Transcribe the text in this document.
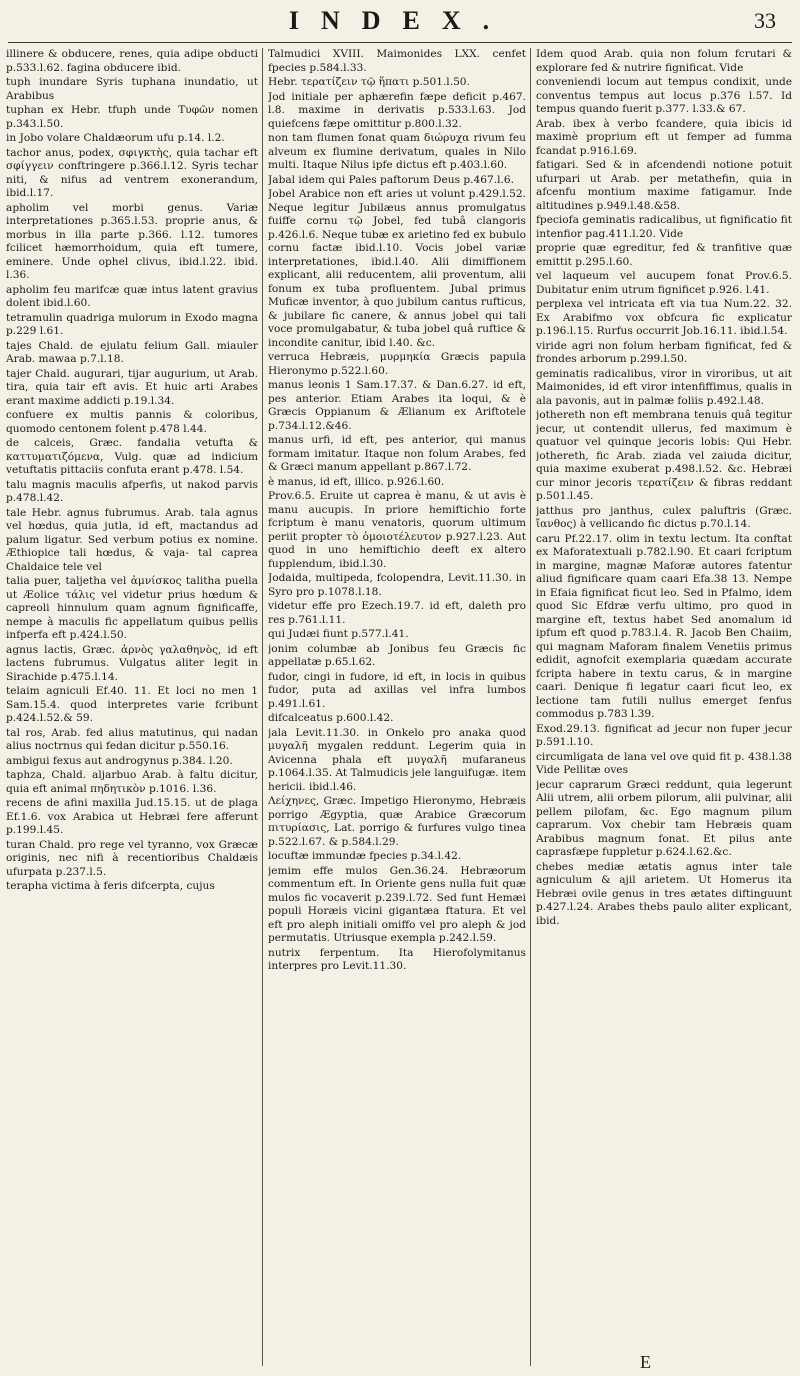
INDEX.	33
illinere & obducere, renes, quia adipe obducti p.533.l.62. fagina obducere ibid.
tuph inundare Syris tuphana inundatio, ut Arabibus
tuphan ex Hebr. tfuph unde Τυφῶν nomen p.343.l.50.
in Jobo volare Chaldæorum ufu p.14. l.2.
tachor anus, podex, σφιγκτὴς, quia tachar eft σφίγγειν conftringere p.366.l.12. Syris techar niti, & nifus ad ventrem exonerandum, ibid.l.17.
apholim vel morbi genus. Variæ interpretationes p.365.l.53. proprie anus, & morbus in illa parte p.366. l.12. tumores fcilicet hæmorrhoidum, quia eft tumere, eminere. Unde ophel clivus, ibid.l.22. ibid. l.36.
apholim feu marifcæ quæ intus latent gravius dolent ibid.l.60.
tetramulin quadriga mulorum in Exodo magna p.229 l.61.
tajes Chald. de ejulatu felium Gall. miauler Arab. mawaa p.7.l.18.
tajer Chald. augurari, tijar augurium, ut Arab. tira, quia tair eft avis. Et huic arti Arabes erant maxime addicti p.19.l.34.
confuere ex multis pannis & coloribus, quomodo centonem folent p.478 l.44.
de calceis, Græc. fandalia vetufta & καττυματιζόμενα, Vulg. quæ ad indicium vetuftatis pittaciis confuta erant p.478. l.54.
talu magnis maculis afperfis, ut nakod parvis p.478.l.42.
tale Hebr. agnus fubrumus. Arab. tala agnus vel hœdus, quia jutla, id eft, mactandus ad palum ligatur. Sed verbum potius ex nomine. Æthiopice tali hœdus, & vaja- tal caprea Chaldaice tele vel
talia puer, taljetha vel ἀμνίσκος talitha puella ut Æolice τάλις vel videtur prius hœdum & capreoli hinnulum quam agnum fignificaffe, nempe à maculis fic appellatum quibus pellis infperfa eft p.424.l.50.
agnus lactis, Græc. ἀρνὸς γαλαθηνὸς, id eft lactens fubrumus. Vulgatus aliter legit in Sirachide p.475.l.14.
telaim agniculi Ef.40. 11. Et loci no men 1 Sam.15.4. quod interpretes varie fcribunt p.424.l.52.& 59.
tal ros, Arab. fed alius matutinus, qui nadan alius noctrnus qui fedan dicitur p.550.16.
ambigui fexus aut androgynus p.384. l.20.
taphza, Chald. aljarbuo Arab. à faltu dicitur, quia eft animal πηδητικὸν p.1016. l.36.
recens de afini maxilla Jud.15.15. ut de plaga Ef.1.6. vox Arabica ut Hebræi fere afferunt p.199.l.45.
turan Chald. pro rege vel tyranno, vox Græcæ originis, nec nifi à recentioribus Chaldæis ufurpata p.237.l.5.
terapha victima à feris difcerpta, cujus
Talmudici XVIII. Maimonides LXX. cenfet fpecies p.584.l.33.
Hebr. τερατίζειν τῷ ἥπατι p.501.l.50.
Jod initiale per aphærefin fæpe deficit p.467. l.8. maxime in derivatis p.533.l.63. Jod quiefcens fæpe omittitur p.800.l.32.
non tam flumen fonat quam διώρυχα rivum feu alveum ex flumine derivatum, quales in Nilo multi. Itaque Nilus ipfe dictus eft p.403.l.60.
Jabal idem qui Pales paftorum Deus p.467.l.6.
Jobel Arabice non eft aries ut volunt p.429.l.52. Neque legitur Jubilæus annus promulgatus fuiffe cornu τῷ Jobel, fed tubâ clangoris p.426.l.6. Neque tubæ ex arietino fed ex bubulo cornu factæ ibid.l.10. Vocis jobel variæ interpretationes, ibid.l.40. Alii dimiffionem explicant, alii reducentem, alii proventum, alii fonum ex tuba profluentem. Jubal primus Muficæ inventor, à quo jubilum cantus rufticus, & jubilare fic canere, & annus jobel qui tali voce promulgabatur, & tuba jobel quâ ruftice & incondite canitur, ibid l.40. &c.
verruca Hebræis, μυρμηκία Græcis papula Hieronymo p.522.l.60.
manus leonis 1 Sam.17.37. & Dan.6.27. id eft, pes anterior. Etiam Arabes ita loqui, & è Græcis Oppianum & Ælianum ex Ariftotele p.734.l.12.&46.
manus urfi, id eft, pes anterior, qui manus formam imitatur. Itaque non folum Arabes, fed & Græci manum appellant p.867.l.72.
è manus, id eft, illico. p.926.l.60.
Prov.6.5. Eruite ut caprea è manu, & ut avis è manu aucupis. In priore hemiftichio forte fcriptum è manu venatoris, quorum ultimum periit propter τὸ ὁμοιοτέλευτον p.927.l.23. Aut quod in uno hemiftichio deeft ex altero fupplendum, ibid.l.30.
Jodaida, multipeda, fcolopendra, Levit.11.30. in Syro pro p.1078.l.18.
videtur effe pro Ezech.19.7. id eft, daleth pro res p.761.l.11.
qui Judæi fiunt p.577.l.41.
jonim columbæ ab Jonibus feu Græcis fic appellatæ p.65.l.62.
fudor, cingi in fudore, id eft, in locis in quibus fudor, puta ad axillas vel infra lumbos p.491.l.61.
difcalceatus p.600.l.42.
jala Levit.11.30. in Onkelo pro anaka quod μυγαλῆ mygalen reddunt. Legerim quia in Avicenna phala eft μυγαλῆ mufaraneus p.1064.l.35. At Talmudicis jele languifugæ. item hericii. ibid.l.46.
Λείχηνες, Græc. Impetigo Hieronymo, Hebræis porrigo Ægyptia, quæ Arabice Græcorum πιτυρίασις, Lat. porrigo & furfures vulgo tinea p.522.l.67. & p.584.l.29.
locuftæ immundæ fpecies p.34.l.42.
jemim effe mulos Gen.36.24. Hebræorum commentum eft. In Oriente gens nulla fuit quæ mulos fic vocaverit p.239.l.72. Sed funt Hemæi populi Horæis vicini gigantæa ftatura. Et vel eft pro aleph initiali omiffo vel pro aleph & jod permutatis. Utriusque exempla p.242.l.59.
nutrix ferpentum. Ita Hierofolymitanus interpres pro Levit.11.30.
Idem quod Arab. quia non folum fcrutari & explorare fed & nutrire fignificat. Vide
conveniendi locum aut tempus condixit, unde conventus tempus aut locus p.376 l.57. Id tempus quando fuerit p.377. l.33.& 67.
Arab. ibex à verbo fcandere, quia ibicis id maximè proprium eft ut femper ad fumma fcandat p.916.l.69.
fatigari. Sed & in afcendendi notione potuit ufurpari ut Arab. per metathefin, quia in afcenfu montium maxime fatigamur. Inde altitudines p.949.l.48.&58.
fpeciofa geminatis radicalibus, ut fignificatio fit intenfior pag.411.l.20. Vide
proprie quæ egreditur, fed & tranfitive quæ emittit p.295.l.60.
vel laqueum vel aucupem fonat Prov.6.5. Dubitatur enim utrum fignificet p.926. l.41.
perplexa vel intricata eft via tua Num.22. 32. Ex Arabifmo vox obfcura fic explicatur p.196.l.15. Rurfus occurrit Job.16.11. ibid.l.54.
viride agri non folum herbam fignificat, fed & frondes arborum p.299.l.50.
geminatis radicalibus, viror in viroribus, ut ait Maimonides, id eft viror intenfiffimus, qualis in ala pavonis, aut in palmæ foliis p.492.l.48.
jothereth non eft membrana tenuis quâ tegitur jecur, ut contendit ullerus, fed maximum è quatuor vel quinque jecoris lobis: Qui Hebr. jothereth, fic Arab. ziada vel zaiuda dicitur, quia maxime exuberat p.498.l.52. &c. Hebræi cur minor jecoris τερατίζειν & fibras reddant p.501.l.45.
jatthus pro janthus, culex paluftris (Græc. ἴανθος) à vellicando fic dictus p.70.l.14.
caru Pf.22.17. olim in textu lectum. Ita conftat ex Maforatextuali p.782.l.90. Et caari fcriptum in margine, magnæ Maforæ autores fatentur aliud fignificare quam caari Efa.38 13. Nempe in Efaia fignificat ficut leo. Sed in Pfalmo, idem quod Sic Efdræ verfu ultimo, pro quod in margine eft, textus habet Sed anomalum id ipfum eft quod p.783.l.4. R. Jacob Ben Chaiim, qui magnam Maforam finalem Venetiis primus edidit, agnofcit exemplaria quædam accurate fcripta habere in textu carus, & in margine caari. Denique fi legatur caari ficut leo, ex lectione tam futili nullus emerget fenfus commodus p.783 l.39.
Exod.29.13. fignificat ad jecur non fuper jecur p.591.l.10.
circumligata de lana vel ove quid fit p. 438.l.38 Vide Pellitæ oves
jecur caprarum Græci reddunt, quia legerunt Alii utrem, alii orbem pilorum, alii pulvinar, alii pellem pilofam, &c. Ego magnum pilum caprarum. Vox chebir tam Hebræis quam Arabibus magnum fonat. Et pilus ante caprasfæpe fuppletur p.624.l.62.&c.
chebes mediæ ætatis agnus inter tale agniculum & ajil arietem. Ut Homerus ita Hebræi ovile genus in tres ætates diftinguunt p.427.l.24. Arabes thebs paulo aliter explicant, ibid.
E
